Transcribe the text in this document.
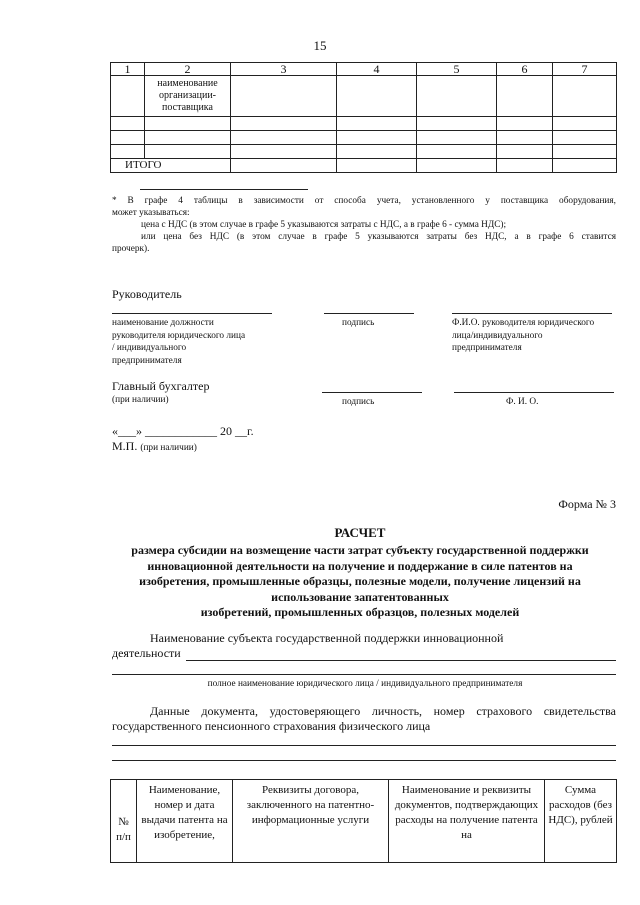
15
1	2	3	4	5	6	7
	наименование организации-поставщика					

ИТОГО						
* В графе 4 таблицы в зависимости от способа учета, установленного у поставщика оборудования,
может указываться:
цена с НДС (в этом случае в графе 5 указываются затраты с НДС, а в графе 6 - сумма НДС);
или цена без НДС (в этом случае в графе 5 указываются затраты без НДС, а в графе 6 ставится
прочерк).
Руководитель
наименование должности
руководителя юридического лица
/ индивидуального
предпринимателя
подпись	Ф.И.О. руководителя юридического
лица/индивидуального
предпринимателя
Главный бухгалтер
(при наличии)	подпись	Ф. И. О.
«___» ____________ 20 __г.
М.П. (при наличии)
Форма № 3
РАСЧЕТ
размера субсидии на возмещение части затрат субъекту государственной поддержки
инновационной деятельности на получение и поддержание в силе патентов на
изобретения, промышленные образцы, полезные модели, получение лицензий на
использование запатентованных
изобретений, промышленных образцов, полезных моделей
Наименование субъекта государственной поддержки инновационной
деятельности
полное наименование юридического лица / индивидуального предпринимателя
Данные документа, удостоверяющего личность, номер страхового свидетельства
государственного пенсионного страхования физического лица
№ п/п	Наименование, номер и дата выдачи патента на изобретение,	Реквизиты договора, заключенного на патентно-информационные услуги	Наименование и реквизиты документов, подтверждающих расходы на получение патента на	Сумма расходов (без НДС), рублей
